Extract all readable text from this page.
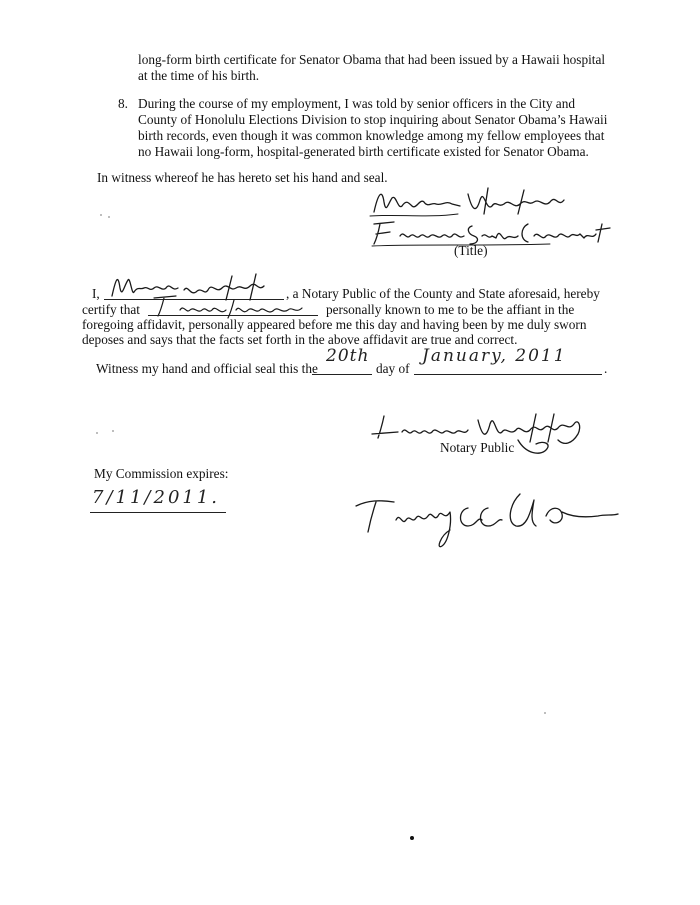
long-form birth certificate for Senator Obama that had been issued by a Hawaii hospital
at the time of his birth.
8. During the course of my employment, I was told by senior officers in the City and
County of Honolulu Elections Division to stop inquiring about Senator Obama’s Hawaii
birth records, even though it was common knowledge among my fellow employees that
no Hawaii long-form, hospital-generated birth certificate existed for Senator Obama.
In witness whereof he has hereto set his hand and seal.
(Title)
I,	, a Notary Public of the County and State aforesaid, hereby
certify that	personally known to me to be the affiant in the
foregoing affidavit, personally appeared before me this day and having been by me duly sworn
deposes and says that the facts set forth in the above affidavit are true and correct.
Witness my hand and official seal this the
20th
day of
January, 2011
.
Notary Public
My Commission expires:
7/11/2011.
